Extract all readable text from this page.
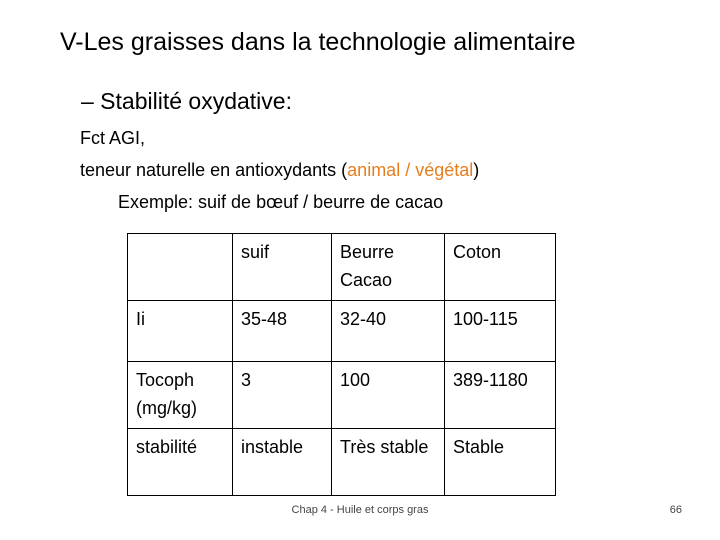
V-Les graisses dans la technologie alimentaire
– Stabilité oxydative:
Fct AGI,
teneur naturelle en antioxydants (animal / végétal)
Exemple: suif de bœuf / beurre de cacao
	suif	Beurre Cacao	Coton
Ii	35-48	32-40	100-115
Tocoph (mg/kg)	3	100	389-1180
stabilité	instable	Très stable	Stable
Chap 4 - Huile et corps gras	66
